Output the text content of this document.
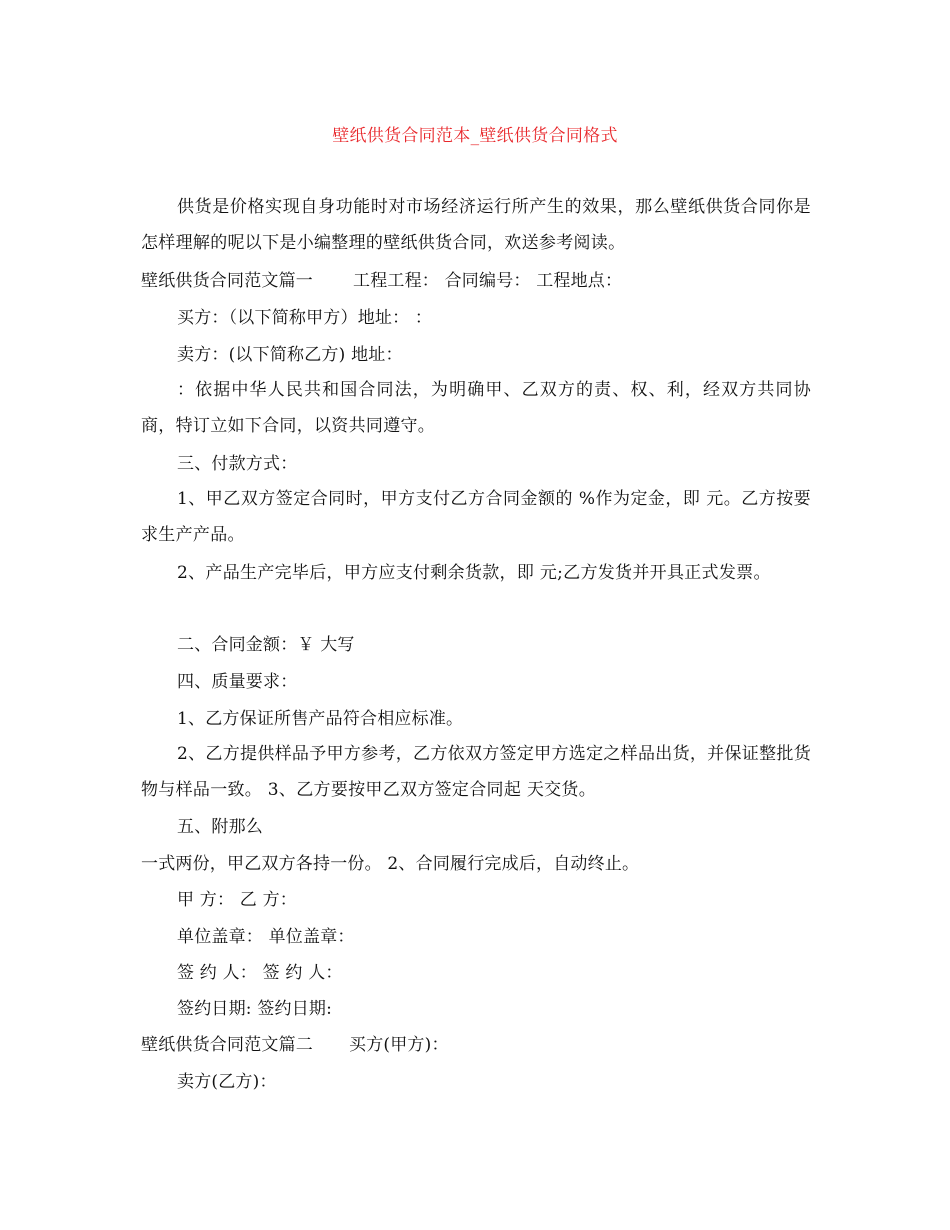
壁纸供货合同范本_壁纸供货合同格式
供货是价格实现自身功能时对市场经济运行所产生的效果，那么壁纸供货合同你是怎样理解的呢以下是小编整理的壁纸供货合同，欢送参考阅读。
壁纸供货合同范文篇一 工程工程： 合同编号： 工程地点：
买方：（以下简称甲方）地址： ：
卖方：(以下简称乙方) 地址：
：依据中华人民共和国合同法，为明确甲、乙双方的责、权、利，经双方共同协商，特订立如下合同，以资共同遵守。
三、付款方式：
1、甲乙双方签定合同时，甲方支付乙方合同金额的 %作为定金，即 元。乙方按要求生产产品。
2、产品生产完毕后，甲方应支付剩余货款，即 元;乙方发货并开具正式发票。
二、合同金额：￥ 大写
四、质量要求：
1、乙方保证所售产品符合相应标准。
2、乙方提供样品予甲方参考，乙方依双方签定甲方选定之样品出货，并保证整批货物与样品一致。 3、乙方要按甲乙双方签定合同起 天交货。
五、附那么
一式两份，甲乙双方各持一份。 2、合同履行完成后，自动终止。
甲 方： 乙 方：
单位盖章： 单位盖章：
签 约 人： 签 约 人：
签约日期: 签约日期:
壁纸供货合同范文篇二 买方(甲方)：
卖方(乙方)：
